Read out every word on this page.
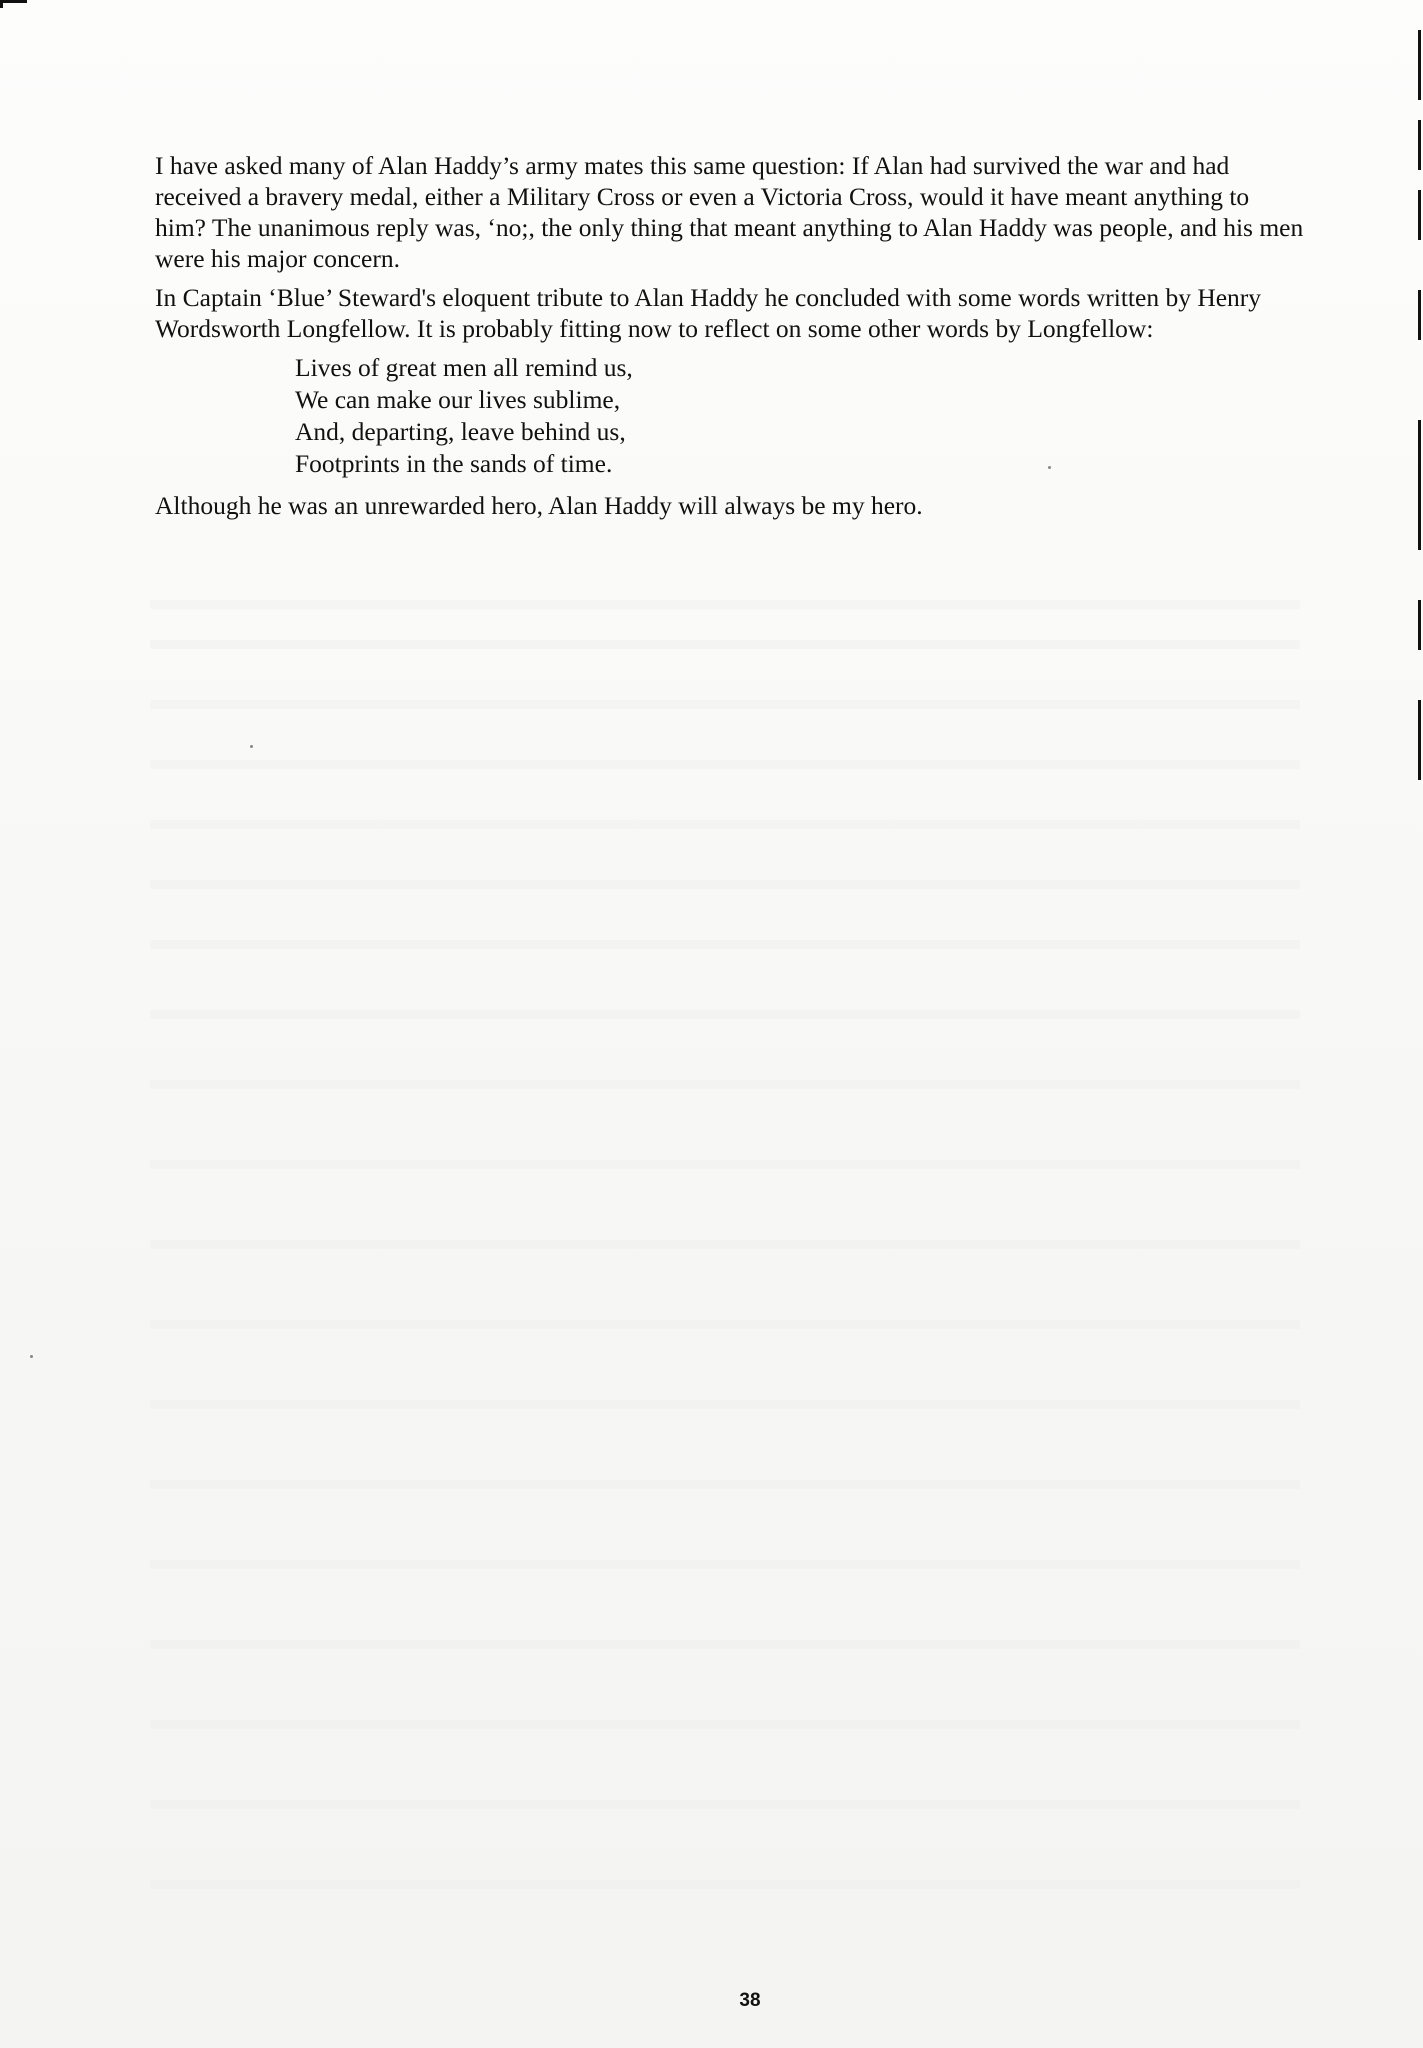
I have asked many of Alan Haddy’s army mates this same question: If Alan had survived the war and had received a bravery medal, either a Military Cross or even a Victoria Cross, would it have meant anything to him? The unanimous reply was, ‘no;, the only thing that meant anything to Alan Haddy was people, and his men were his major concern.

In Captain ‘Blue’ Steward's eloquent tribute to Alan Haddy he concluded with some words written by Henry Wordsworth Longfellow. It is probably fitting now to reflect on some other words by Longfellow:

Lives of great men all remind us,
We can make our lives sublime,
And, departing, leave behind us,
Footprints in the sands of time.

Although he was an unrewarded hero, Alan Haddy will always be my hero.

38
